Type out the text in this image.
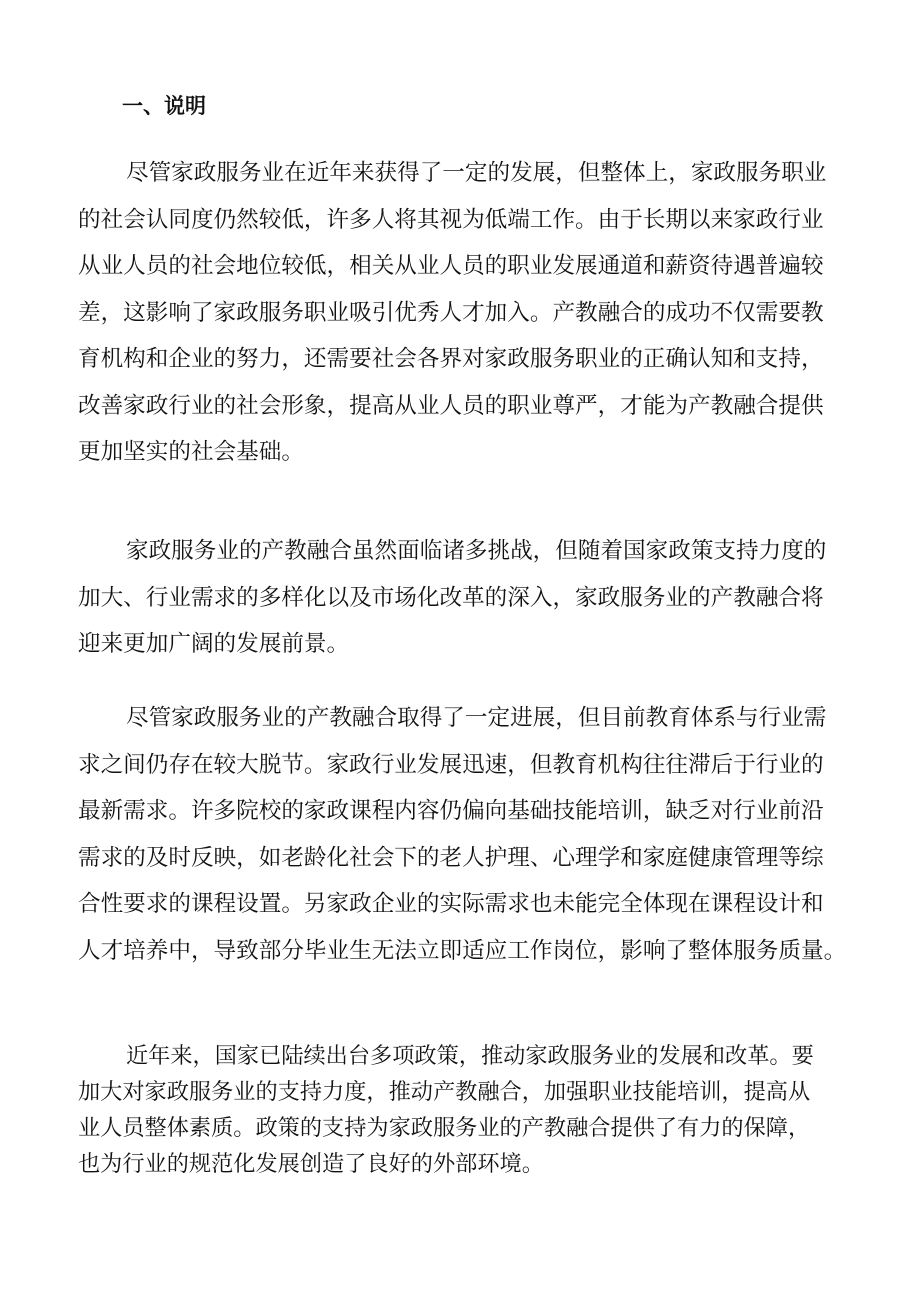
一、说明

尽管家政服务业在近年来获得了一定的发展，但整体上，家政服务职业
的社会认同度仍然较低，许多人将其视为低端工作。由于长期以来家政行业
从业人员的社会地位较低，相关从业人员的职业发展通道和薪资待遇普遍较
差，这影响了家政服务职业吸引优秀人才加入。产教融合的成功不仅需要教
育机构和企业的努力，还需要社会各界对家政服务职业的正确认知和支持，
改善家政行业的社会形象，提高从业人员的职业尊严，才能为产教融合提供
更加坚实的社会基础。

家政服务业的产教融合虽然面临诸多挑战，但随着国家政策支持力度的
加大、行业需求的多样化以及市场化改革的深入，家政服务业的产教融合将
迎来更加广阔的发展前景。

尽管家政服务业的产教融合取得了一定进展，但目前教育体系与行业需
求之间仍存在较大脱节。家政行业发展迅速，但教育机构往往滞后于行业的
最新需求。许多院校的家政课程内容仍偏向基础技能培训，缺乏对行业前沿
需求的及时反映，如老龄化社会下的老人护理、心理学和家庭健康管理等综
合性要求的课程设置。另家政企业的实际需求也未能完全体现在课程设计和
人才培养中，导致部分毕业生无法立即适应工作岗位，影响了整体服务质量。

近年来，国家已陆续出台多项政策，推动家政服务业的发展和改革。要
加大对家政服务业的支持力度，推动产教融合，加强职业技能培训，提高从
业人员整体素质。政策的支持为家政服务业的产教融合提供了有力的保障，
也为行业的规范化发展创造了良好的外部环境。
